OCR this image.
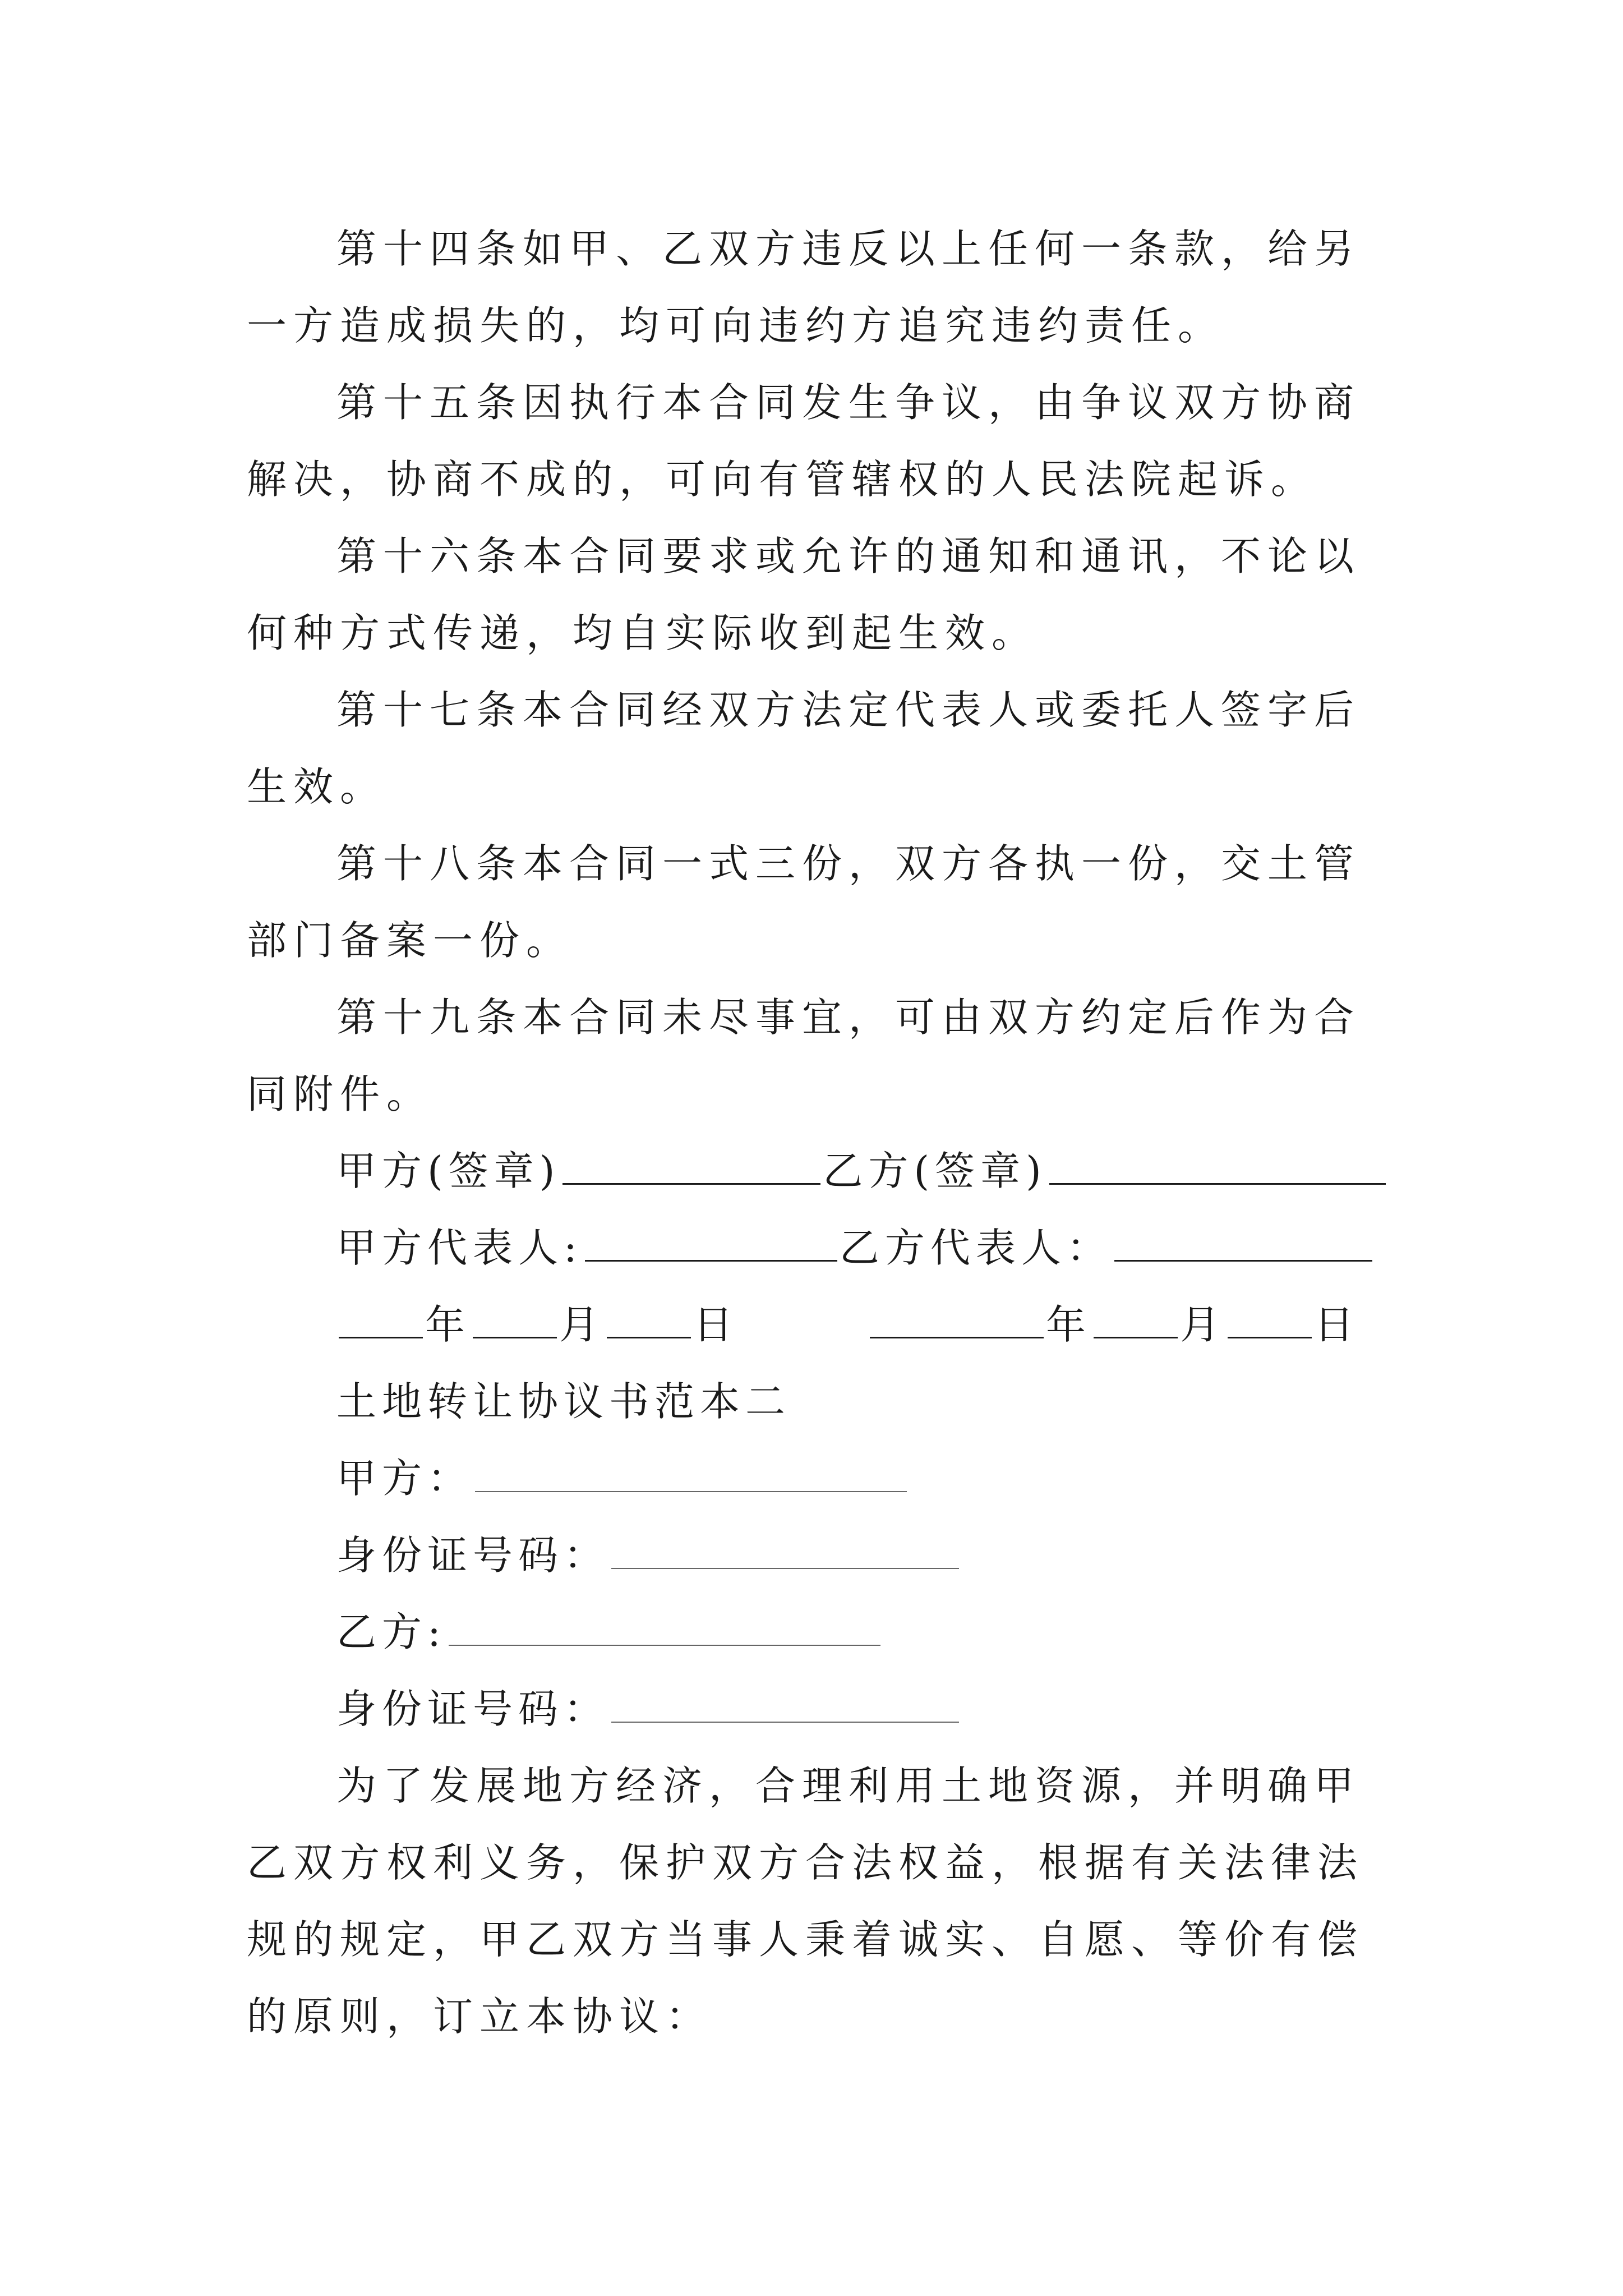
第十四条如甲、乙双方违反以上任何一条款，给另一方造成损失的，均可向违约方追究违约责任。

第十五条因执行本合同发生争议，由争议双方协商解决，协商不成的，可向有管辖权的人民法院起诉。

第十六条本合同要求或允许的通知和通讯，不论以何种方式传递，均自实际收到起生效。

第十七条本合同经双方法定代表人或委托人签字后生效。

第十八条本合同一式三份，双方各执一份，交土管部门备案一份。

第十九条本合同未尽事宜，可由双方约定后作为合同附件。

甲方(签章)	乙方(签章)
甲方代表人:	乙方代表人：
年 月 日	年 月 日
土地转让协议书范本二
甲方：
身份证号码：
乙方:
身份证号码：

为了发展地方经济，合理利用土地资源，并明确甲乙双方权利义务，保护双方合法权益，根据有关法律法规的规定，甲乙双方当事人秉着诚实、自愿、等价有偿的原则，订立本协议：
